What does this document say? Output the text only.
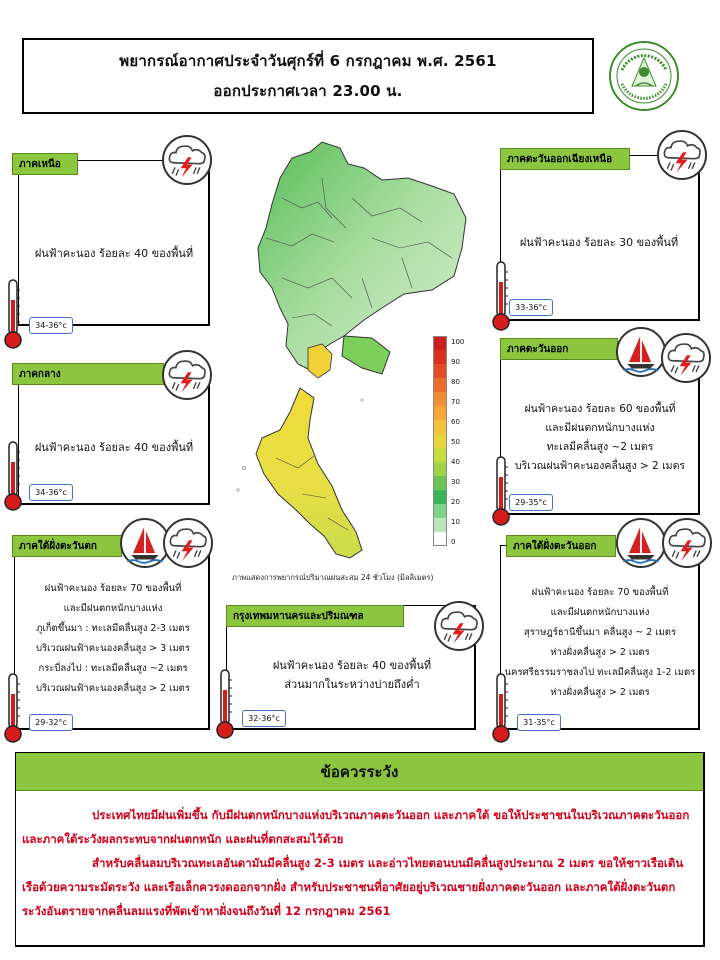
พยากรณ์อากาศประจำวันศุกร์ที่ 6 กรกฎาคม พ.ศ. 2561
ออกประกาศเวลา 23.00 น.
ฝนฟ้าคะนอง ร้อยละ 40 ของพื้นที่
ภาคเหนือ
34-36°c
ฝนฟ้าคะนอง ร้อยละ 30 ของพื้นที่
ภาคตะวันออกเฉียงเหนือ
33-36°c
ฝนฟ้าคะนอง ร้อยละ 40 ของพื้นที่
ภาคกลาง
34-36°c
ฝนฟ้าคะนอง ร้อยละ 60 ของพื้นที่
และมีฝนตกหนักบางแห่ง
ทะเลมีคลื่นสูง ~2 เมตร
บริเวณฝนฟ้าคะนองคลื่นสูง > 2 เมตร
ภาคตะวันออก
29-35°c
ฝนฟ้าคะนอง ร้อยละ 70 ของพื้นที่
และมีฝนตกหนักบางแห่ง
ภูเก็ตขึ้นมา : ทะเลมีคลื่นสูง 2-3 เมตร
บริเวณฝนฟ้าคะนองคลื่นสูง > 3 เมตร
กระบี่ลงไป : ทะเลมีคลื่นสูง ~2 เมตร
บริเวณฝนฟ้าคะนองคลื่นสูง > 2 เมตร
ภาคใต้ฝั่งตะวันตก
29-32°c
ฝนฟ้าคะนอง ร้อยละ 40 ของพื้นที่
ส่วนมากในระหว่างบ่ายถึงค่ำ
กรุงเทพมหานครและปริมณฑล
32-36°c
ฝนฟ้าคะนอง ร้อยละ 70 ของพื้นที่
และมีฝนตกหนักบางแห่ง
สุราษฎร์ธานีขึ้นมา คลื่นสูง ~ 2 เมตร
ห่างฝั่งคลื่นสูง > 2 เมตร
นครศรีธรรมราชลงไป ทะเลมีคลื่นสูง 1-2 เมตร
ห่างฝั่งคลื่นสูง > 2 เมตร
ภาคใต้ฝั่งตะวันออก
31-35°c
100
90
80
70
60
50
40
30
20
10
0
ภาพแสดงการพยากรณ์ปริมาณฝนสะสม 24 ชั่วโมง (มิลลิเมตร)
ข้อควรระวัง

ประเทศไทยมีฝนเพิ่มขึ้น กับมีฝนตกหนักบางแห่งบริเวณภาคตะวันออก และภาคใต้ ขอให้ประชาชนในบริเวณภาคตะวันออก และภาคใต้ระวังผลกระทบจากฝนตกหนัก และฝนที่ตกสะสมไว้ด้วย

สำหรับคลื่นลมบริเวณทะเลอันดามันมีคลื่นสูง 2-3 เมตร และอ่าวไทยตอนบนมีคลื่นสูงประมาณ 2 เมตร ขอให้ชาวเรือเดินเรือด้วยความระมัดระวัง และเรือเล็กควรงดออกจากฝั่ง สำหรับประชาชนที่อาศัยอยู่บริเวณชายฝั่งภาคตะวันออก และภาคใต้ฝั่งตะวันตก ระวังอันตรายจากคลื่นลมแรงที่พัดเข้าหาฝั่งจนถึงวันที่ 12 กรกฎาคม 2561
